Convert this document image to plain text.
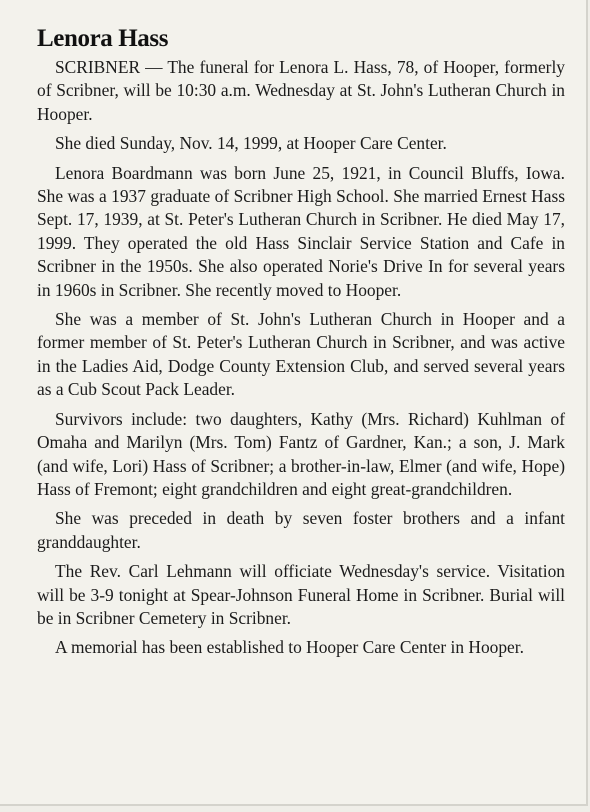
Lenora Hass

SCRIBNER — The funeral for Lenora L. Hass, 78, of Hooper, formerly of Scribner, will be 10:30 a.m. Wednesday at St. John's Lutheran Church in Hooper.

She died Sunday, Nov. 14, 1999, at Hooper Care Center.

Lenora Boardmann was born June 25, 1921, in Council Bluffs, Iowa. She was a 1937 graduate of Scribner High School. She married Ernest Hass Sept. 17, 1939, at St. Peter's Lutheran Church in Scribner. He died May 17, 1999. They operated the old Hass Sinclair Service Station and Cafe in Scribner in the 1950s. She also operated Norie's Drive In for several years in 1960s in Scribner. She recently moved to Hooper.

She was a member of St. John's Lutheran Church in Hooper and a former member of St. Peter's Lutheran Church in Scribner, and was active in the Ladies Aid, Dodge County Extension Club, and served several years as a Cub Scout Pack Leader.

Survivors include: two daughters, Kathy (Mrs. Richard) Kuhlman of Omaha and Marilyn (Mrs. Tom) Fantz of Gardner, Kan.; a son, J. Mark (and wife, Lori) Hass of Scribner; a brother-in-law, Elmer (and wife, Hope) Hass of Fremont; eight grandchildren and eight great-grandchildren.

She was preceded in death by seven foster brothers and a infant granddaughter.

The Rev. Carl Lehmann will officiate Wednesday's service. Visitation will be 3-9 tonight at Spear-Johnson Funeral Home in Scribner. Burial will be in Scribner Cemetery in Scribner.

A memorial has been established to Hooper Care Center in Hooper.
